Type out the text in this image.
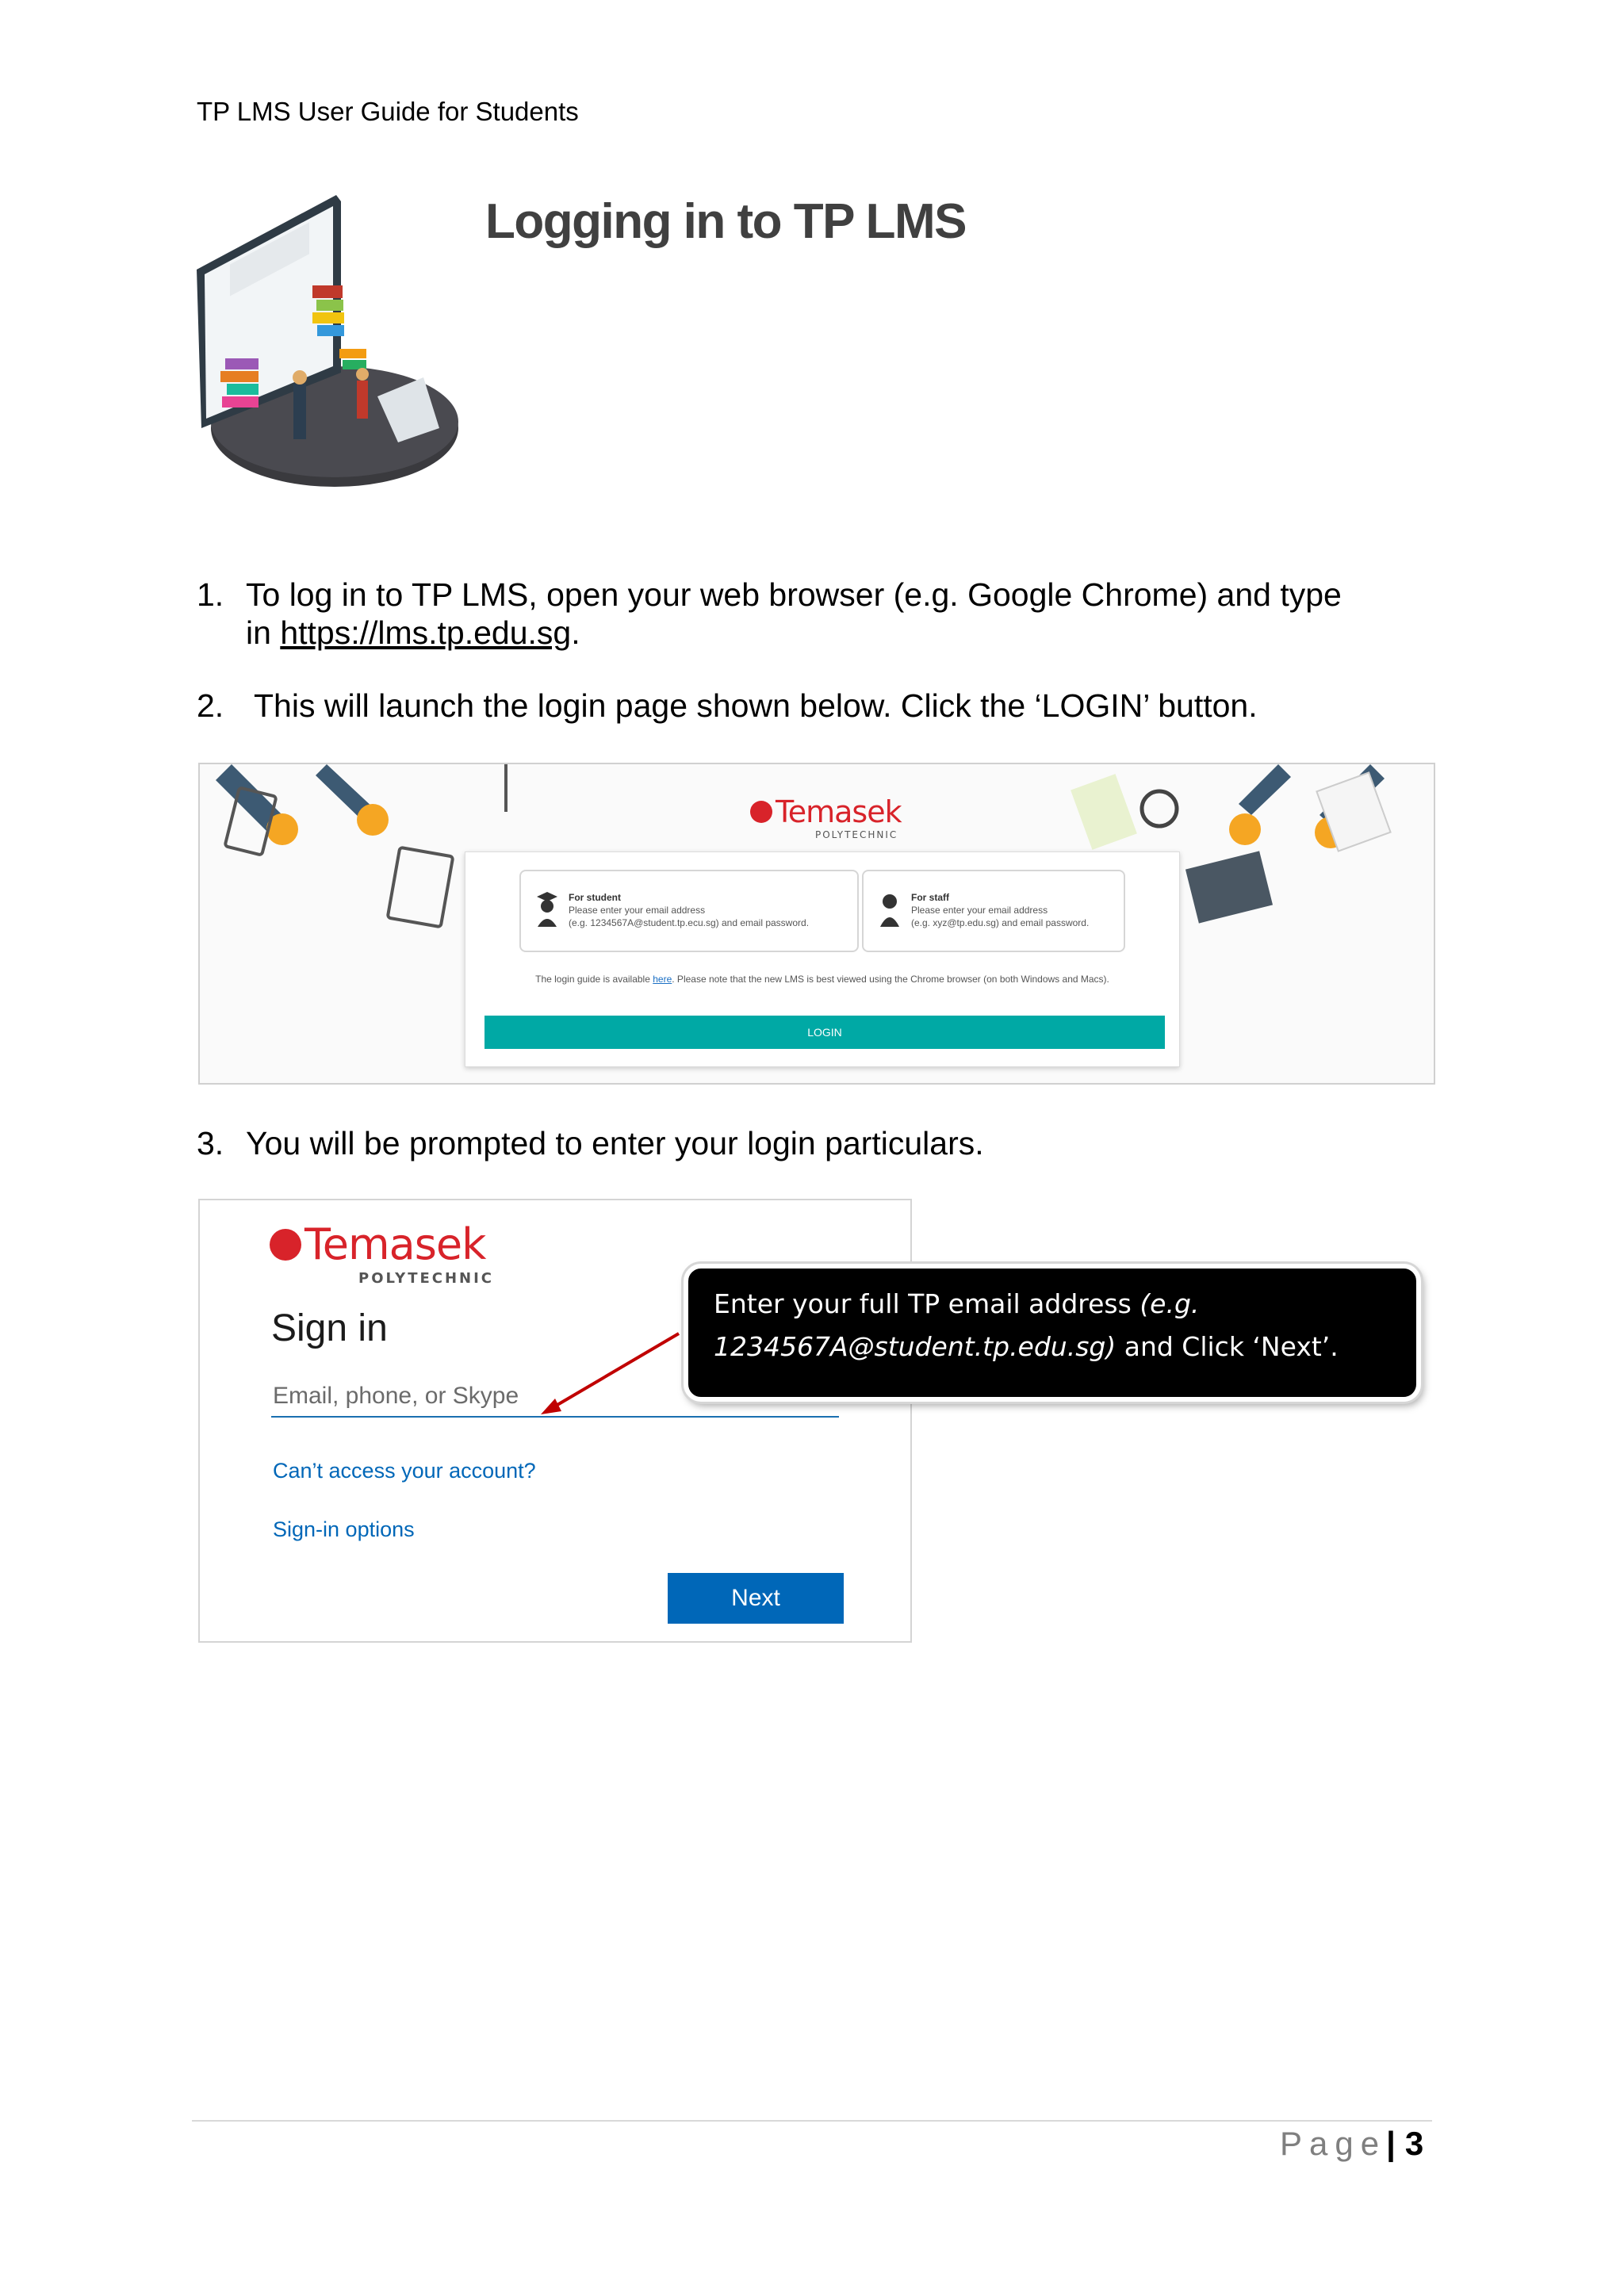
TP LMS User Guide for Students
Logging in to TP LMS
1. To log in to TP LMS, open your web browser (e.g. Google Chrome) and type
in https://lms.tp.edu.sg.
2. This will launch the login page shown below. Click the ‘LOGIN’ button.
Temasek
POLYTECHNIC
For student
Please enter your email address
(e.g. 1234567A@student.tp.ecu.sg) and email password.
For staff
Please enter your email address
(e.g. xyz@tp.edu.sg) and email password.
The login guide is available here. Please note that the new LMS is best viewed using the Chrome browser (on both Windows and Macs).
LOGIN
3. You will be prompted to enter your login particulars.
Temasek
POLYTECHNIC
Sign in
Email, phone, or Skype
Can’t access your account?
Sign-in options
Next
Enter your full TP email address (e.g. 1234567A@student.tp.edu.sg) and Click ‘Next’.
Page| 3
